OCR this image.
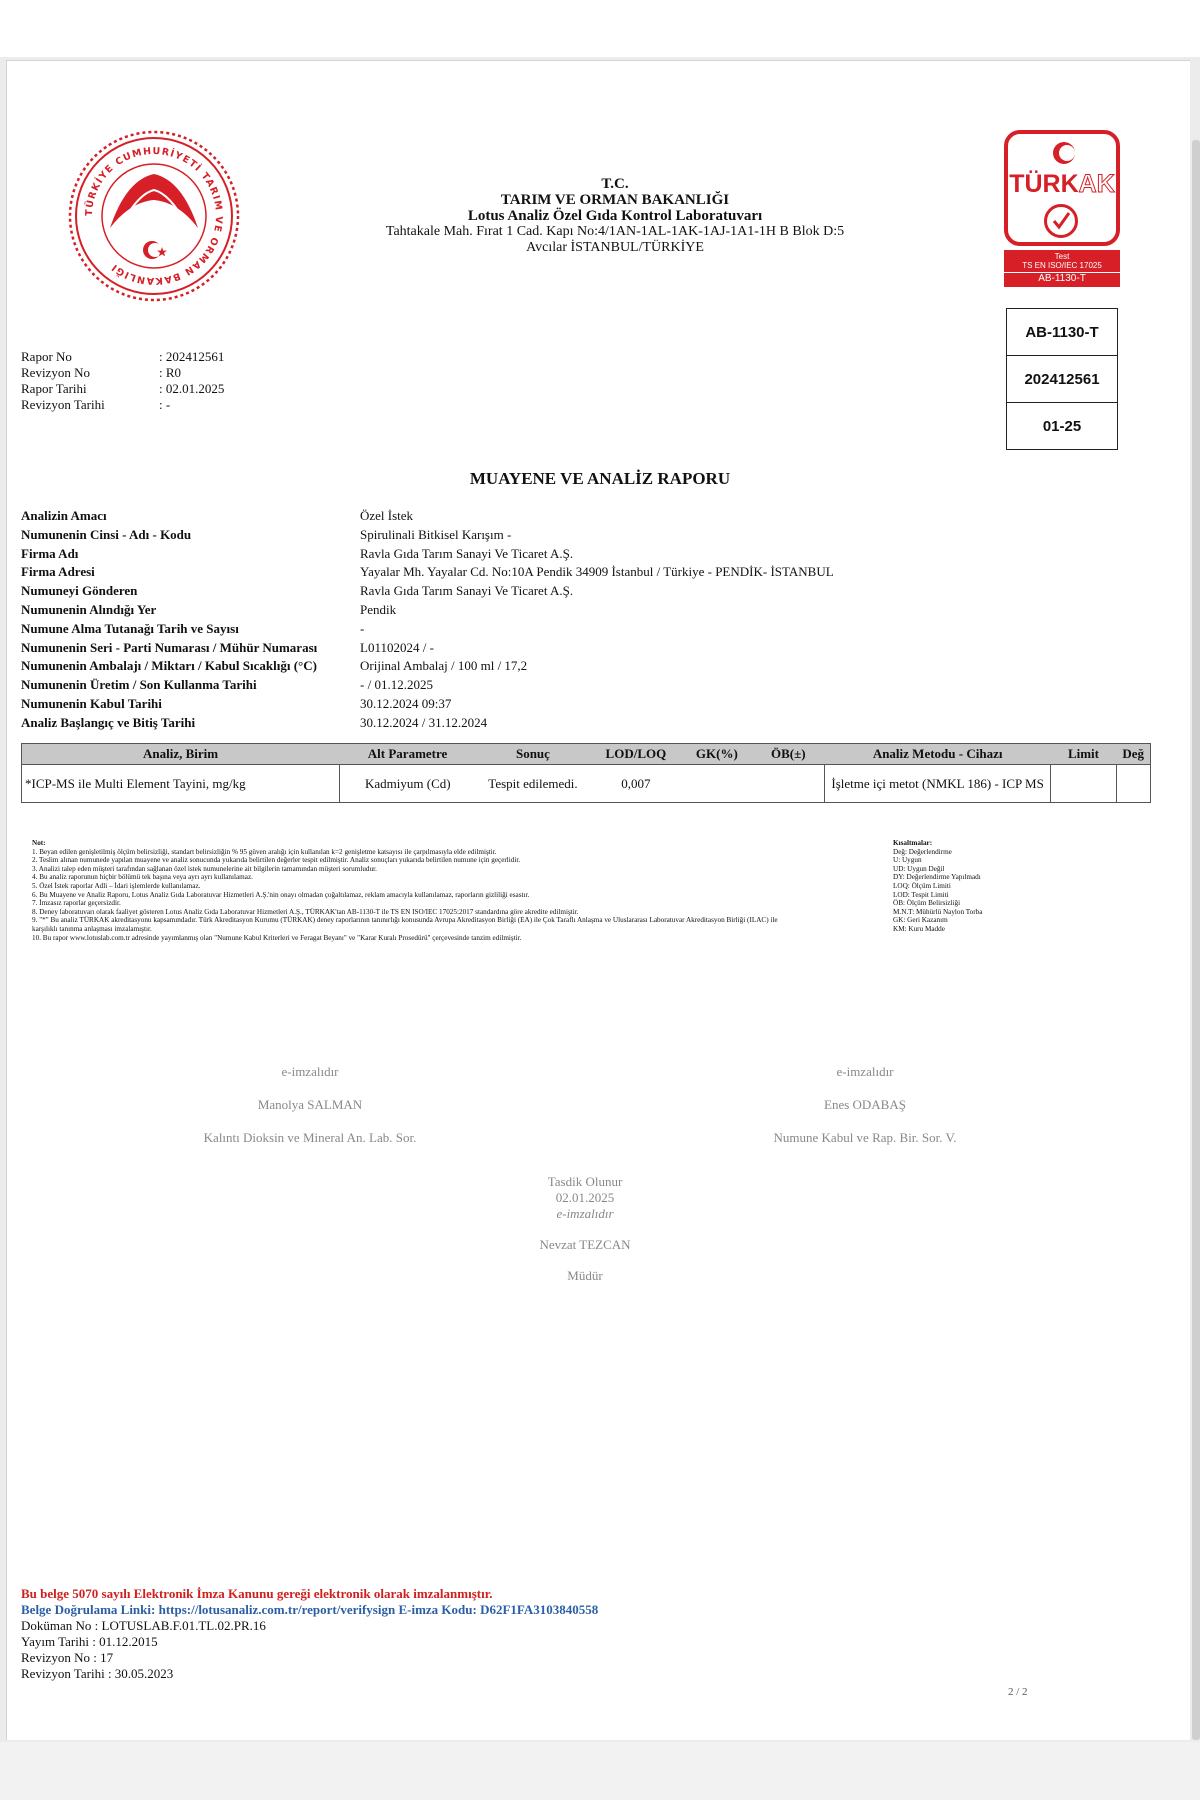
TÜRKİYE CUMHURİYETİ TARIM VE ORMAN BAKANLIĞI
T.C.
TARIM VE ORMAN BAKANLIĞI
Lotus Analiz Özel Gıda Kontrol Laboratuvarı
Tahtakale Mah. Fırat 1 Cad. Kapı No:4/1AN-1AL-1AK-1AJ-1A1-1H B Blok D:5
Avcılar İSTANBUL/TÜRKİYE
TÜRKAK
Test
TS EN ISO/IEC 17025
AB-1130-T
AB-1130-T
202412561
01-25
Rapor No	: 202412561
Revizyon No	: R0
Rapor Tarihi	: 02.01.2025
Revizyon Tarihi	: -
MUAYENE VE ANALİZ RAPORU
Analizin Amacı	Özel İstek
Numunenin Cinsi - Adı - Kodu	Spirulinali Bitkisel Karışım -
Firma Adı	Ravla Gıda Tarım Sanayi Ve Ticaret A.Ş.
Firma Adresi	Yayalar Mh. Yayalar Cd. No:10A Pendik 34909 İstanbul / Türkiye - PENDİK- İSTANBUL
Numuneyi Gönderen	Ravla Gıda Tarım Sanayi Ve Ticaret A.Ş.
Numunenin Alındığı Yer	Pendik
Numune Alma Tutanağı Tarih ve Sayısı	-
Numunenin Seri - Parti Numarası / Mühür Numarası	L01102024 / -
Numunenin Ambalajı / Miktarı / Kabul Sıcaklığı (°C)	Orijinal Ambalaj / 100 ml / 17,2
Numunenin Üretim / Son Kullanma Tarihi	- / 01.12.2025
Numunenin Kabul Tarihi	30.12.2024 09:37
Analiz Başlangıç ve Bitiş Tarihi	30.12.2024 / 31.12.2024
Analiz, Birim	Alt Parametre	Sonuç	LOD/LOQ	GK(%)	ÖB(±)	Analiz Metodu - Cihazı	Limit	Değ
*ICP-MS ile Multi Element Tayini, mg/kg	Kadmiyum (Cd)	Tespit edilemedi.	0,007			İşletme içi metot (NMKL 186) - ICP MS		
Not:
1. Beyan edilen genişletilmiş ölçüm belirsizliği, standart belirsizliğin % 95 güven aralığı için kullanılan k=2 genişletme katsayısı ile çarpılmasıyla elde edilmiştir.
2. Teslim alınan numunede yapılan muayene ve analiz sonucunda yukarıda belirtilen değerler tespit edilmiştir. Analiz sonuçları yukarıda belirtilen numune için geçerlidir.
3. Analizi talep eden müşteri tarafından sağlanan özel istek numunelerine ait bilgilerin tamamından müşteri sorumludur.
4. Bu analiz raporunun hiçbir bölümü tek başına veya ayrı ayrı kullanılamaz.
5. Özel İstek raporlar Adli – İdari işlemlerde kullanılamaz.
6. Bu Muayene ve Analiz Raporu, Lotus Analiz Gıda Laboratuvar Hizmetleri A.Ş.'nin onayı olmadan çoğaltılamaz, reklam amacıyla kullanılamaz, raporların gizliliği esastır.
7. İmzasız raporlar geçersizdir.
8. Deney laboratuvarı olarak faaliyet gösteren Lotus Analiz Gıda Laboratuvar Hizmetleri A.Ş., TÜRKAK'tan AB-1130-T ile TS EN ISO/IEC 17025:2017 standardına göre akredite edilmiştir.
9. "*" Bu analiz TÜRKAK akreditasyonu kapsamındadır. Türk Akreditasyon Kurumu (TÜRKAK) deney raporlarının tanınırlığı konusunda Avrupa Akreditasyon Birliği (EA) ile Çok Taraflı Anlaşma ve Uluslararası Laboratuvar Akreditasyon Birliği (ILAC) ile karşılıklı tanınma anlaşması imzalamıştır.
10. Bu rapor www.lotuslab.com.tr adresinde yayımlanmış olan "Numune Kabul Kriterleri ve Feragat Beyanı" ve "Karar Kuralı Prosedürü" çerçevesinde tanzim edilmiştir.
Kısaltmalar:
Değ: Değerlendirme
U: Uygun
UD: Uygun Değil
DY: Değerlendirme Yapılmadı
LOQ: Ölçüm Limiti
LOD: Tespit Limiti
ÖB: Ölçüm Belirsizliği
M.N.T: Mühürlü Naylon Torba
GK: Geri Kazanım
KM: Kuru Madde
e-imzalıdır
Manolya SALMAN
Kalıntı Dioksin ve Mineral An. Lab. Sor.
e-imzalıdır
Enes ODABAŞ
Numune Kabul ve Rap. Bir. Sor. V.
Tasdik Olunur
02.01.2025
e-imzalıdır
Nevzat TEZCAN
Müdür
Bu belge 5070 sayılı Elektronik İmza Kanunu gereği elektronik olarak imzalanmıştır.
Belge Doğrulama Linki: https://lotusanaliz.com.tr/report/verifysign E-imza Kodu: D62F1FA3103840558
Doküman No : LOTUSLAB.F.01.TL.02.PR.16
Yayım Tarihi : 01.12.2015
Revizyon No : 17
Revizyon Tarihi : 30.05.2023
2 / 2
